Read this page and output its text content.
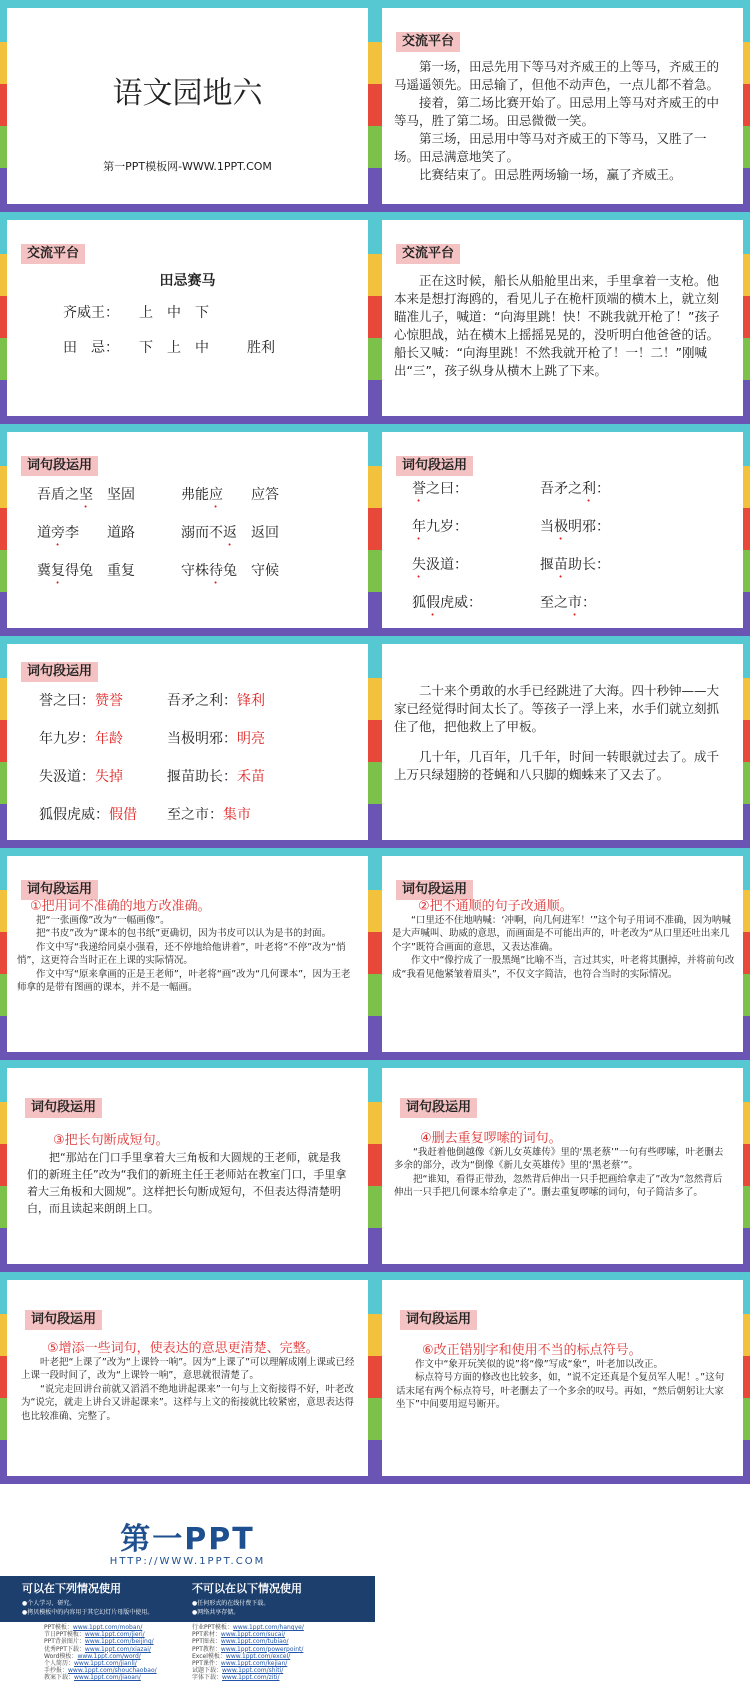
语文园地六
第一PPT模板网-WWW.1PPT.COM
交流平台

第一场，田忌先用下等马对齐威王的上等马，齐威王的马遥遥领先。田忌输了，但他不动声色，一点儿都不着急。

接着，第二场比赛开始了。田忌用上等马对齐威王的中等马，胜了第二场。田忌微微一笑。

第三场，田忌用中等马对齐威王的下等马，又胜了一场。田忌满意地笑了。

比赛结束了。田忌胜两场输一场，赢了齐威王。

交流平台
田忌赛马
齐威王： 上　中　下
田　忌： 下　上　中	胜利
交流平台

正在这时候，船长从船舱里出来，手里拿着一支枪。他本来是想打海鸥的，看见儿子在桅杆顶端的横木上，就立刻瞄准儿子，喊道：“向海里跳！快！不跳我就开枪了！”孩子心惊胆战，站在横木上摇摇晃晃的，没听明白他爸爸的话。船长又喊：“向海里跳！不然我就开枪了！一！二！”刚喊出“三”，孩子纵身从横木上跳了下来。

词句段运用
吾盾之坚　 坚固	弗能应　　 应答
道旁李　　 道路	溺而不返　 返回
冀复得兔　 重复	守株待兔　 守候
词句段运用
誉之曰：	吾矛之利：
年九岁：	当极明邪：
失汲道：	揠苗助长：
狐假虎威：	至之市：
词句段运用
誉之曰：赞誉	吾矛之利：锋利
年九岁：年龄	当极明邪：明亮
失汲道：失掉	揠苗助长：禾苗
狐假虎威：假借 至之市：集市

二十来个勇敢的水手已经跳进了大海。四十秒钟——大家已经觉得时间太长了。等孩子一浮上来，水手们就立刻抓住了他，把他救上了甲板。

几十年，几百年，几千年，时间一转眼就过去了。成千上万只绿翅膀的苍蝇和八只脚的蜘蛛来了又去了。

词句段运用

①把用词不准确的地方改准确。

把“一张画像”改为“一幅画像”。

把“书皮”改为“课本的包书纸”更确切，因为书皮可以认为是书的封面。

作文中写“我递给同桌小强看，还不停地给他讲着”，叶老将“不停”改为“悄悄”，这更符合当时正在上课的实际情况。

作文中写“原来拿画的正是王老师”，叶老将“画”改为“几何课本”，因为王老师拿的是带有图画的课本，并不是一幅画。

词句段运用

②把不通顺的句子改通顺。

“口里还不住地呐喊：‘冲啊，向几何进军！’”这个句子用词不准确，因为呐喊是大声喊叫、助威的意思，而画面是不可能出声的，叶老改为“从口里还吐出来几个字”既符合画面的意思，又表达准确。

作文中“像拧成了一股黑绳”比喻不当，言过其实，叶老将其删掉，并将前句改成“我看见他紧皱着眉头”，不仅文字简洁，也符合当时的实际情况。

词句段运用

③把长句断成短句。

把“那站在门口手里拿着大三角板和大圆规的王老师，就是我们的新班主任”改为“我们的新班主任王老师站在教室门口，手里拿着大三角板和大圆规”。这样把长句断成短句，不但表达得清楚明白，而且读起来朗朗上口。

词句段运用

④删去重复啰嗦的词句。

“我赶着他倒越像《新儿女英雄传》里的‘黑老蔡’”一句有些啰嗦，叶老删去多余的部分，改为“倒像《新儿女英雄传》里的‘黑老蔡’”。

把“谁知，看得正带劲，忽然背后伸出一只手把画给拿走了”改为“忽然背后伸出一只手把几何课本给拿走了”。删去重复啰嗦的词句，句子简洁多了。

词句段运用

⑤增添一些词句，使表达的意思更清楚、完整。

叶老把“上课了”改为“上课铃一响”。因为“上课了”可以理解成刚上课或已经上课一段时间了，改为“上课铃一响”，意思就很清楚了。

“说完走回讲台前就又滔滔不绝地讲起课来”一句与上文衔接得不好，叶老改为“说完，就走上讲台又讲起课来”。这样与上文的衔接就比较紧密，意思表达得也比较准确、完整了。

词句段运用

⑥改正错别字和使用不当的标点符号。

作文中“象开玩笑似的说”将“像”写成“象”，叶老加以改正。

标点符号方面的修改也比较多，如，“说不定还真是个复员军人呢！。”这句话末尾有两个标点符号，叶老删去了一个多余的叹号。再如，“然后朝躬让大家坐下”中间要用逗号断开。

第一PPT
HTTP://WWW.1PPT.COM
可以在下列情况使用
●个人学习、研究。
●拷贝模板中的内容用于其它幻灯片母版中使用。
不可以在以下情况使用
●任何形式的在线付费下载。
●网络共享存储。
PPT模板：www.1ppt.com/moban/
节日PPT模板：www.1ppt.com/jieri/
PPT背景图片：www.1ppt.com/beijing/
优秀PPT下载：www.1ppt.com/xiazai/
Word模板：www.1ppt.com/word/
个人简历：www.1ppt.com/jianli/
手抄报：www.1ppt.com/shouchaobao/
教案下载：www.1ppt.com/jiaoan/
行业PPT模板：www.1ppt.com/hangye/
PPT素材：www.1ppt.com/sucai/
PPT图表：www.1ppt.com/tubiao/
PPT教程：www.1ppt.com/powerpoint/
Excel模板：www.1ppt.com/excel/
PPT课件：www.1ppt.com/kejian/
试题下载：www.1ppt.com/shiti/
字体下载：www.1ppt.com/ziti/
